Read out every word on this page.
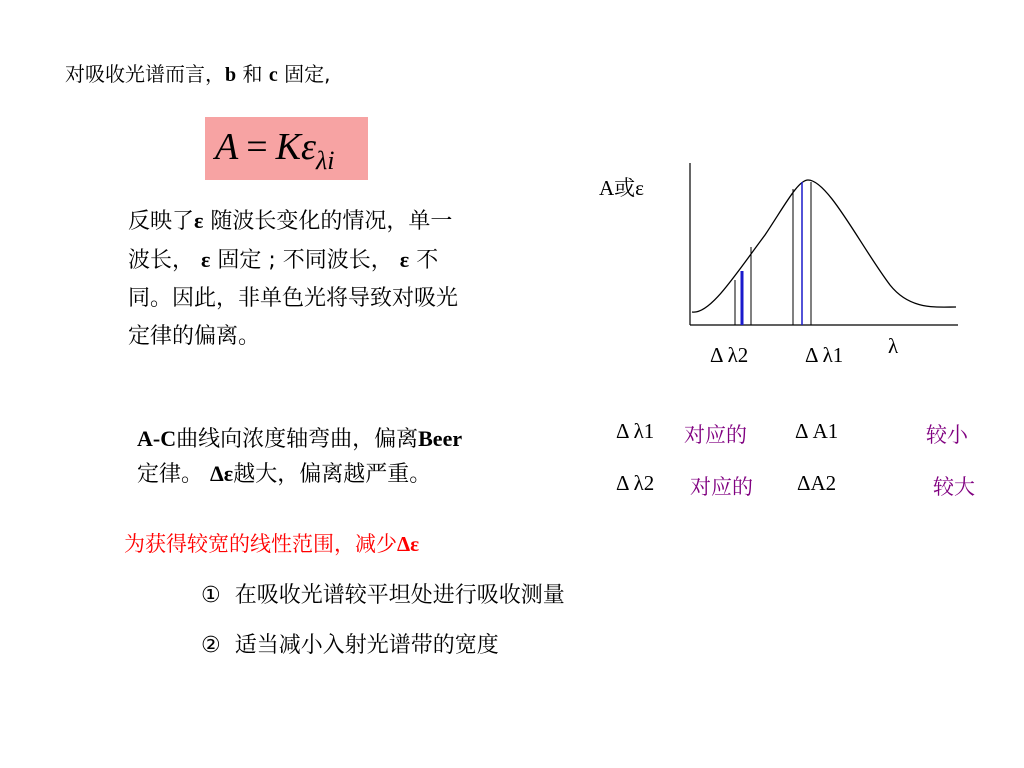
对吸收光谱而言，b 和 c 固定,
$A = K\varepsilon_{\lambda i}$
反映了ε 随波长变化的情况，单一
波长， ε 固定 ; 不同波长， ε 不
同。因此，非单色光将导致对吸光
定律的偏离。
A-C曲线向浓度轴弯曲，偏离Beer
定律。 Δε越大，偏离越严重。
A或ε
λ
Δ λ2	Δ λ1
Δ λ1 对应的 Δ A1	较小
Δ λ2 对应的 ΔA2	较大
为获得较宽的线性范围，减少Δε
① 在吸收光谱较平坦处进行吸收测量
② 适当减小入射光谱带的宽度
